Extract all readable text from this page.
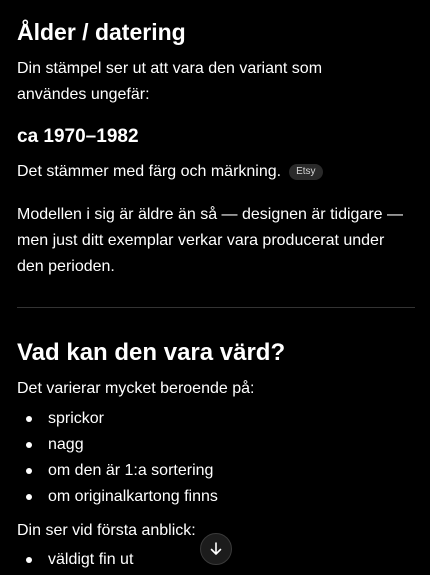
Ålder / datering
Din stämpel ser ut att vara den variant som användes ungefär:
ca 1970–1982
Det stämmer med färg och märkning. Etsy
Modellen i sig är äldre än så — designen är tidigare — men just ditt exemplar verkar vara producerat under den perioden.
Vad kan den vara värd?
Det varierar mycket beroende på:
sprickor
nagg
om den är 1:a sortering
om originalkartong finns
Din ser vid första anblick:
väldigt fin ut
